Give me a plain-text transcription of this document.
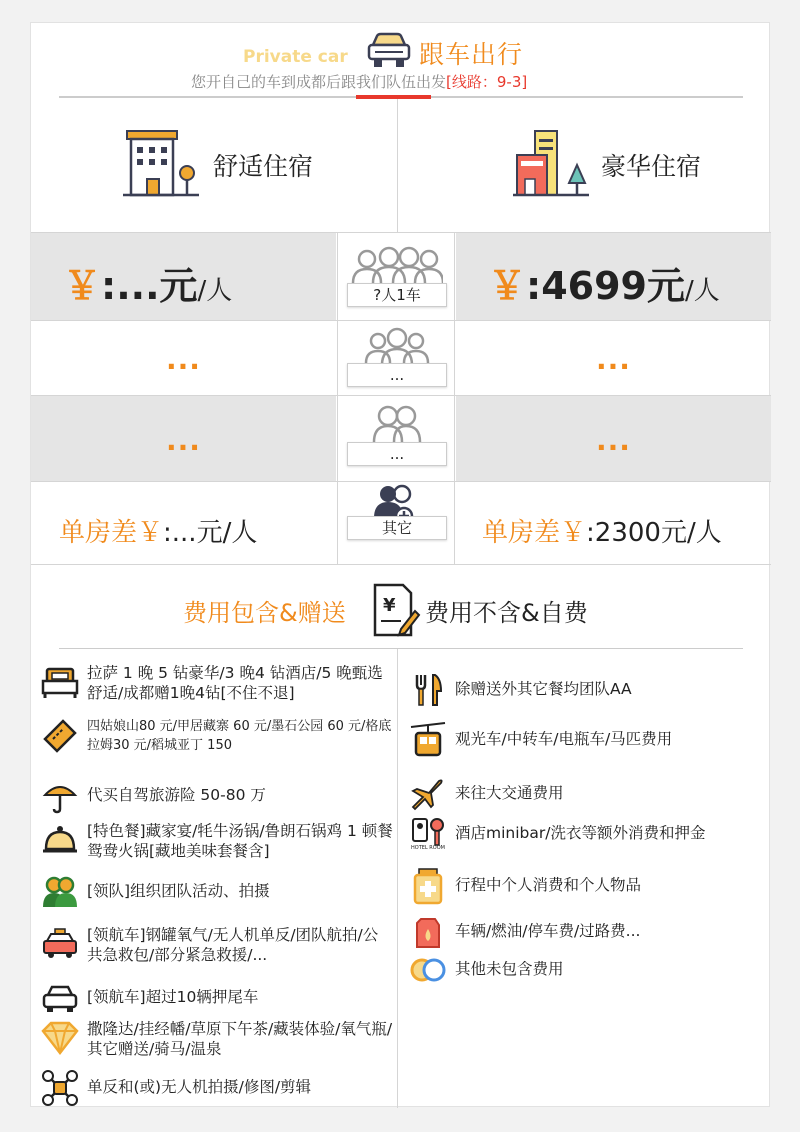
Private car	跟车出行
您开自己的车到成都后跟我们队伍出发[线路：9-3]
舒适住宿	豪华住宿
￥:...元/人	?人1车	￥:4699元/人
...	...	...
...	...	...
单房差￥:...元/人	其它	单房差￥:2300元/人
费用包含&赠送 ¥ 费用不含&自费
拉萨 1 晚 5 钻豪华/3 晚4 钻酒店/5 晚甄选舒适/成都赠1晚4钻[不住不退]
四姑娘山80 元/甲居藏寨 60 元/墨石公园 60 元/格底拉姆30 元/稻城亚丁 150
代买自驾旅游险 50-80 万
[特色餐]藏家宴/牦牛汤锅/鲁朗石锅鸡 1 顿餐鸳鸯火锅[藏地美味套餐含]
[领队]组织团队活动、拍摄
[领航车]钢罐氧气/无人机单反/团队航拍/公共急救包/部分紧急救援/...
[领航车]超过10辆押尾车
撒隆达/挂经幡/草原下午茶/藏装体验/氧气瓶/其它赠送/骑马/温泉
单反和(或)无人机拍摄/修图/剪辑
除赠送外其它餐均团队AA
观光车/中转车/电瓶车/马匹费用
来往大交通费用
HOTEL ROOM
酒店minibar/洗衣等额外消费和押金
行程中个人消费和个人物品
车辆/燃油/停车费/过路费...
其他未包含费用
